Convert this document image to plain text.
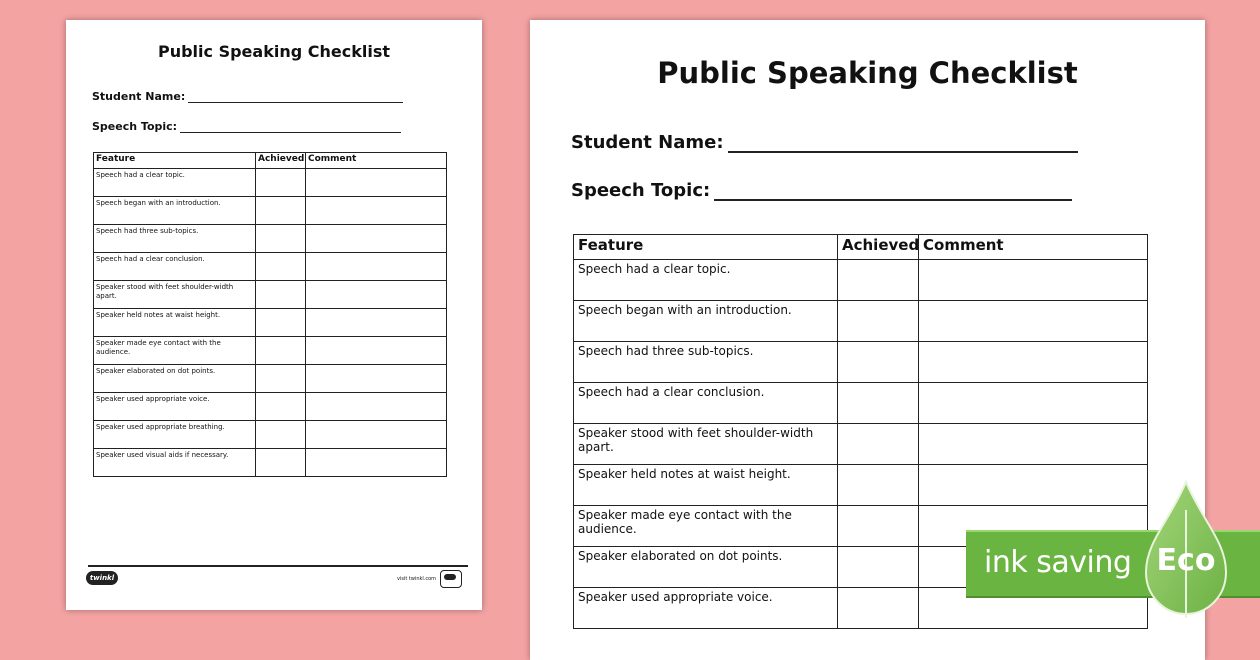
Public Speaking Checklist
Student Name:
Speech Topic:
Feature	Achieved	Comment
Speech had a clear topic.		
Speech began with an introduction.		
Speech had three sub-topics.		
Speech had a clear conclusion.		
Speaker stood with feet shoulder-width apart.		
Speaker held notes at waist height.		
Speaker made eye contact with the audience.		
Speaker elaborated on dot points.		
Speaker used appropriate voice.		
Speaker used appropriate breathing.		
Speaker used visual aids if necessary.		
twinkl	visit twinkl.com
Public Speaking Checklist
Student Name:
Speech Topic:
Feature	Achieved	Comment
Speech had a clear topic.		
Speech began with an introduction.		
Speech had three sub-topics.		
Speech had a clear conclusion.		
Speaker stood with feet shoulder-width apart.		
Speaker held notes at waist height.		
Speaker made eye contact with the audience.		
Speaker elaborated on dot points.		
Speaker used appropriate voice.		
ink saving Eco
